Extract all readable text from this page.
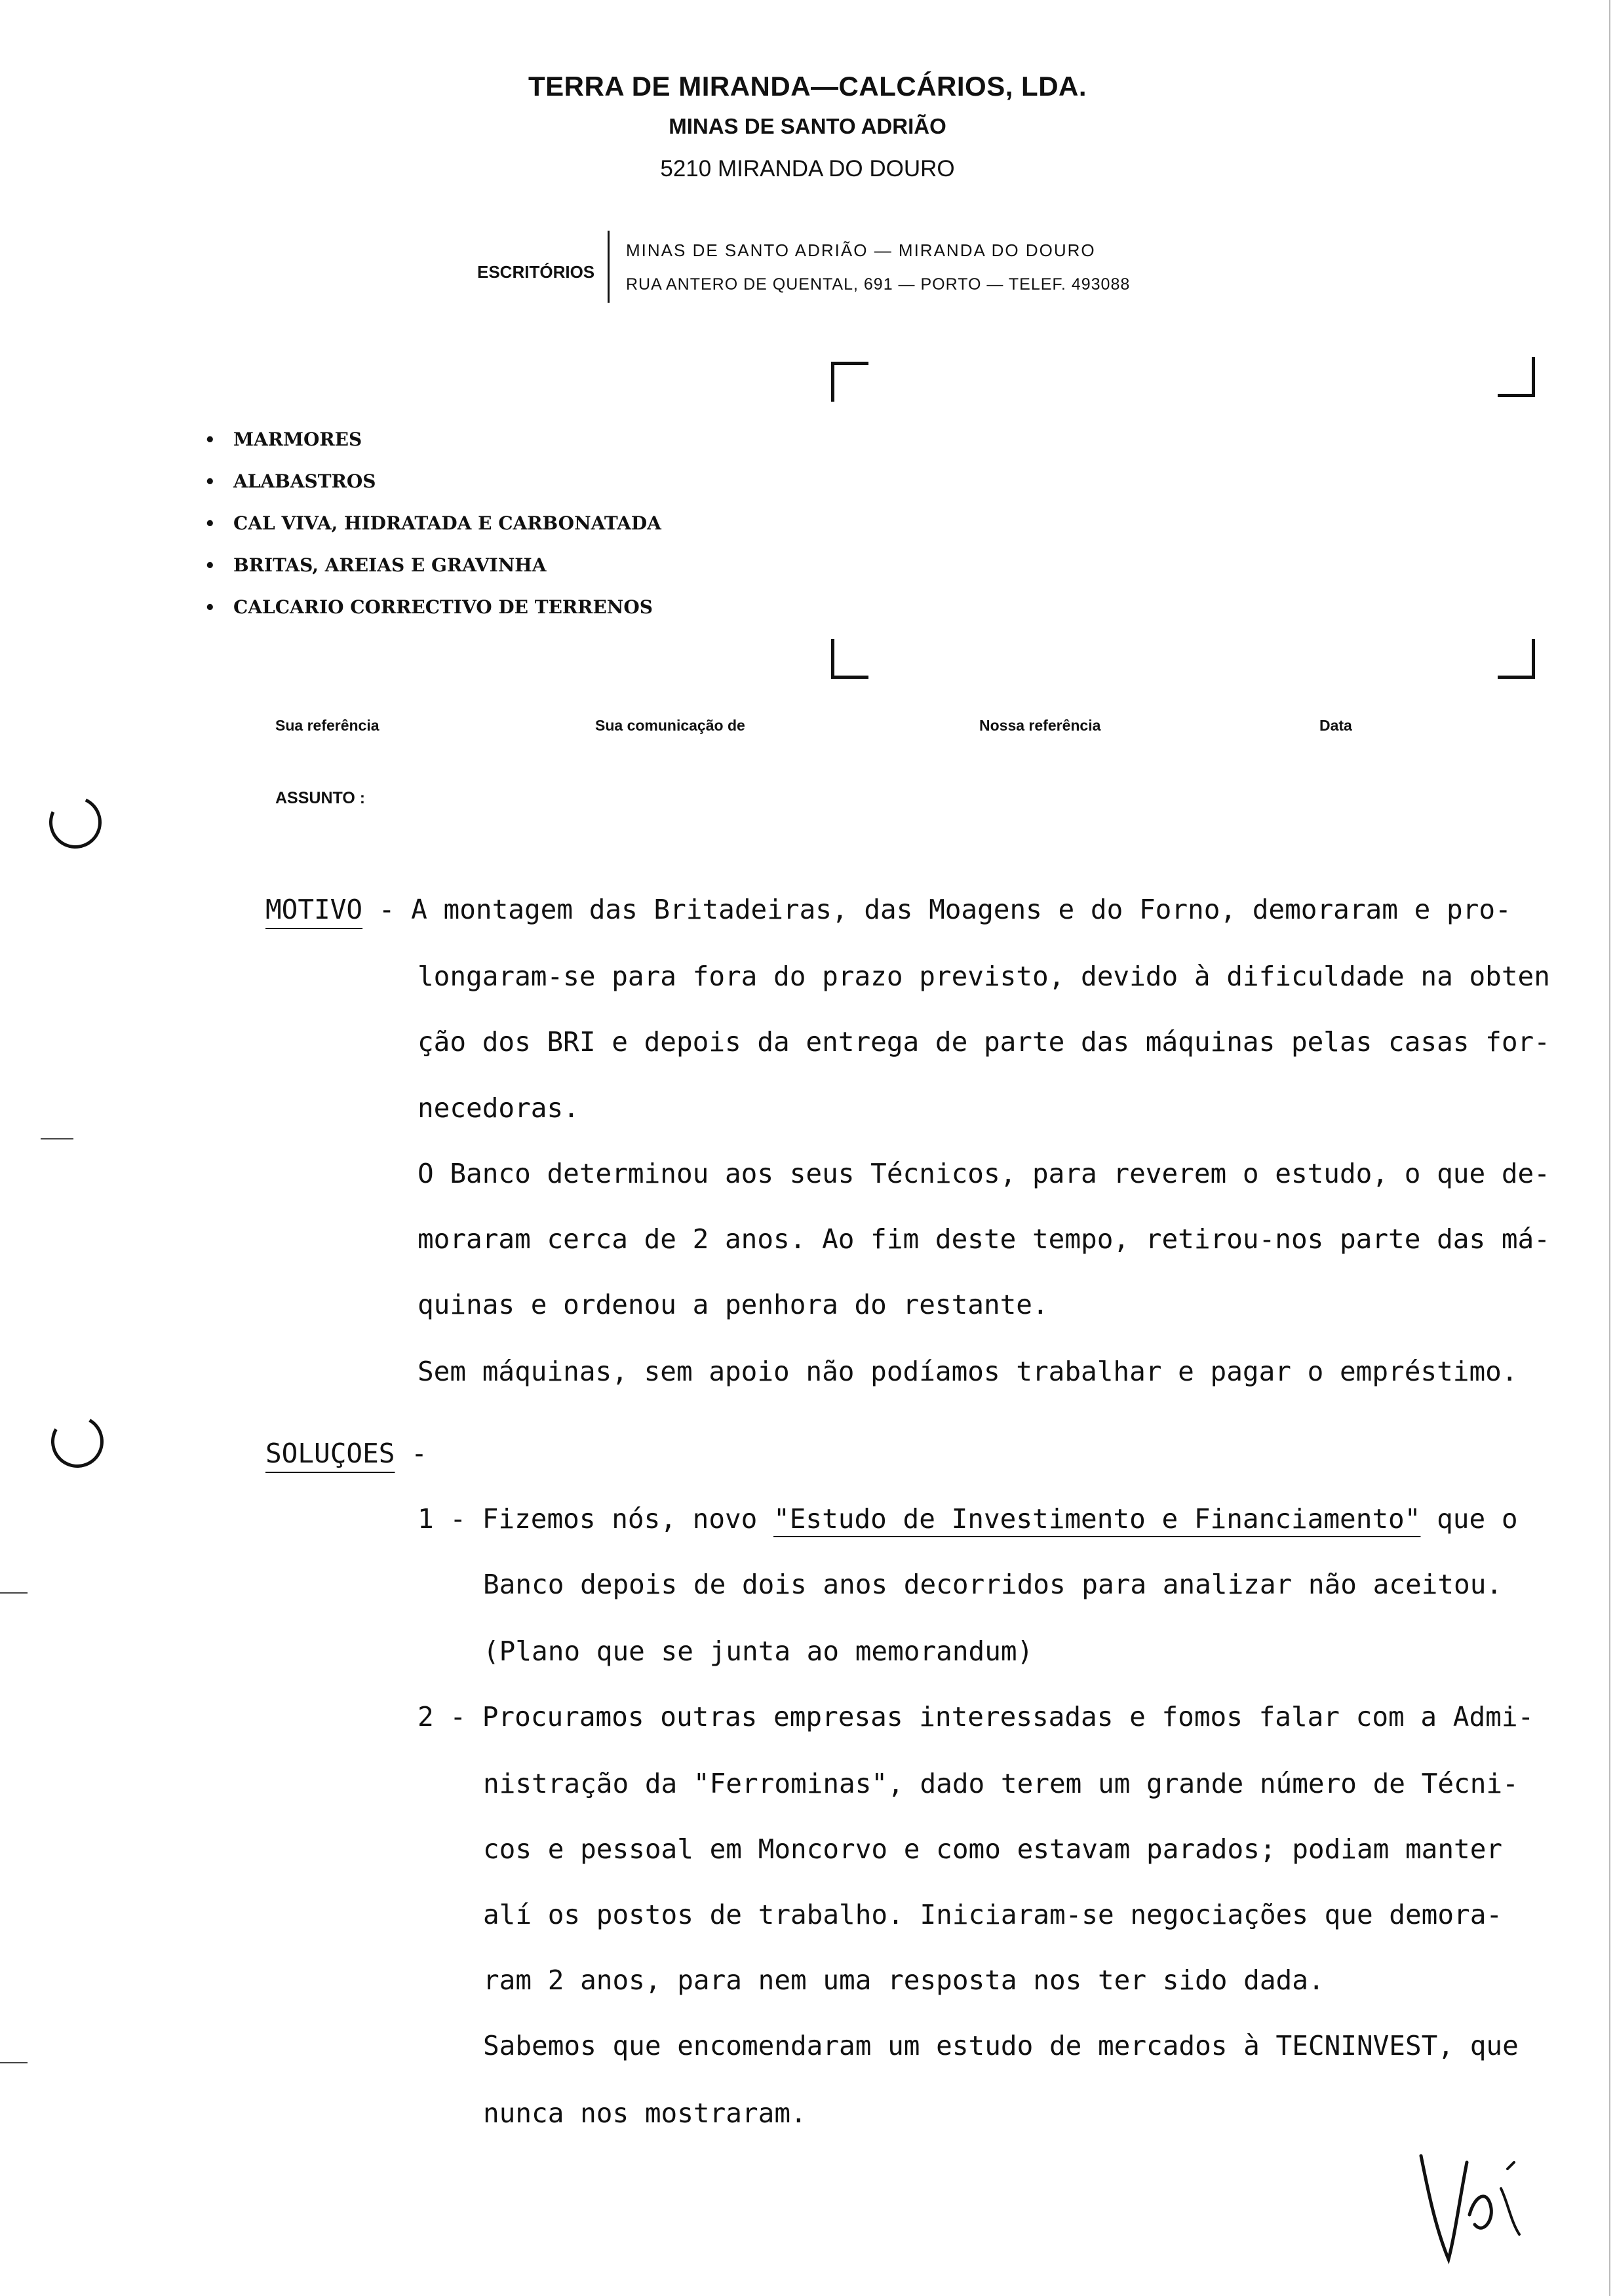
TERRA DE MIRANDA—CALCÁRIOS, LDA.
MINAS DE SANTO ADRIÃO
5210 MIRANDA DO DOURO
ESCRITÓRIOS
MINAS DE SANTO ADRIÃO — MIRANDA DO DOURO
RUA ANTERO DE QUENTAL, 691 — PORTO — TELEF. 493088
• MARMORES
• ALABASTROS
• CAL VIVA, HIDRATADA E CARBONATADA
• BRITAS, AREIAS E GRAVINHA
• CALCARIO CORRECTIVO DE TERRENOS
Sua referência	Sua comunicação de	Nossa referência	Data
ASSUNTO :
MOTIVO - A montagem das Britadeiras, das Moagens e do Forno, demoraram e pro-
longaram-se para fora do prazo previsto, devido à dificuldade na obten
ção dos BRI e depois da entrega de parte das máquinas pelas casas for-
necedoras.
O Banco determinou aos seus Técnicos, para reverem o estudo, o que de-
moraram cerca de 2 anos. Ao fim deste tempo, retirou-nos parte das má-
quinas e ordenou a penhora do restante.
Sem máquinas, sem apoio não podíamos trabalhar e pagar o empréstimo.
SOLUÇOES -
1 - Fizemos nós, novo "Estudo de Investimento e Financiamento" que o
Banco depois de dois anos decorridos para analizar não aceitou.
(Plano que se junta ao memorandum)
2 - Procuramos outras empresas interessadas e fomos falar com a Admi-
nistração da "Ferrominas", dado terem um grande número de Técni-
cos e pessoal em Moncorvo e como estavam parados; podiam manter
alí os postos de trabalho. Iniciaram-se negociações que demora-
ram 2 anos, para nem uma resposta nos ter sido dada.
Sabemos que encomendaram um estudo de mercados à TECNINVEST, que
nunca nos mostraram.
